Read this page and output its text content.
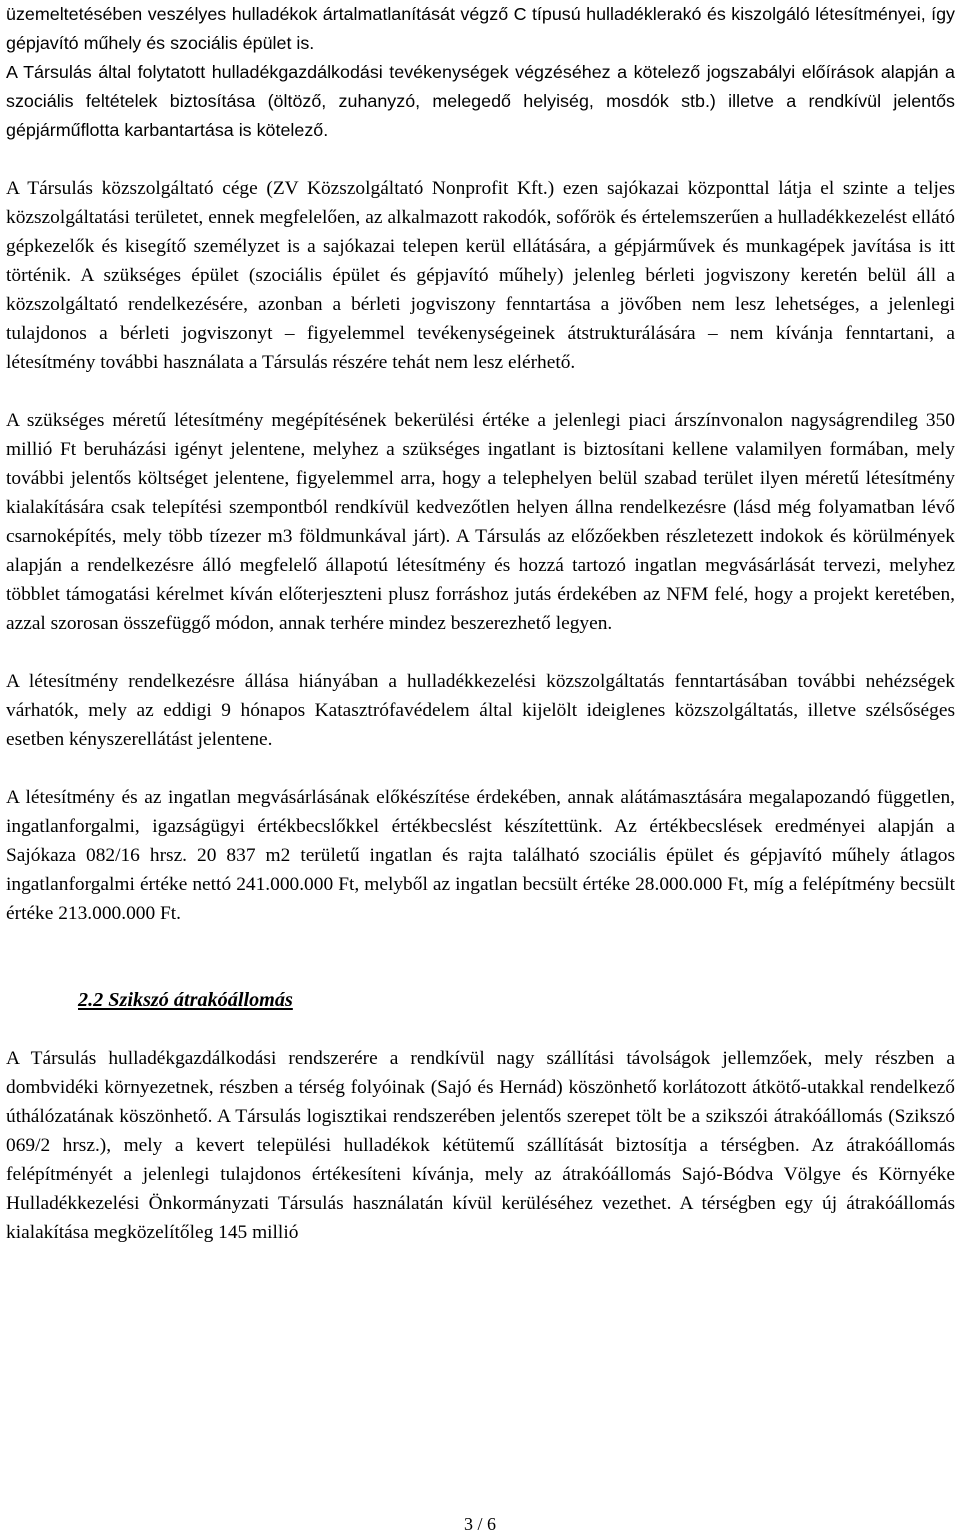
üzemeltetésében veszélyes hulladékok ártalmatlanítását végző C típusú hulladéklerakó és kiszolgáló létesítményei, így gépjavító műhely és szociális épület is.

A Társulás által folytatott hulladékgazdálkodási tevékenységek végzéséhez a kötelező jogszabályi előírások alapján a szociális feltételek biztosítása (öltöző, zuhanyzó, melegedő helyiség, mosdók stb.) illetve a rendkívül jelentős gépjárműflotta karbantartása is kötelező.

A Társulás közszolgáltató cége (ZV Közszolgáltató Nonprofit Kft.) ezen sajókazai központtal látja el szinte a teljes közszolgáltatási területet, ennek megfelelően, az alkalmazott rakodók, sofőrök és értelemszerűen a hulladékkezelést ellátó gépkezelők és kisegítő személyzet is a sajókazai telepen kerül ellátására, a gépjárművek és munkagépek javítása is itt történik. A szükséges épület (szociális épület és gépjavító műhely) jelenleg bérleti jogviszony keretén belül áll a közszolgáltató rendelkezésére, azonban a bérleti jogviszony fenntartása a jövőben nem lesz lehetséges, a jelenlegi tulajdonos a bérleti jogviszonyt – figyelemmel tevékenységeinek átstrukturálására – nem kívánja fenntartani, a létesítmény további használata a Társulás részére tehát nem lesz elérhető.

A szükséges méretű létesítmény megépítésének bekerülési értéke a jelenlegi piaci árszínvonalon nagyságrendileg 350 millió Ft beruházási igényt jelentene, melyhez a szükséges ingatlant is biztosítani kellene valamilyen formában, mely további jelentős költséget jelentene, figyelemmel arra, hogy a telephelyen belül szabad terület ilyen méretű létesítmény kialakítására csak telepítési szempontból rendkívül kedvezőtlen helyen állna rendelkezésre (lásd még folyamatban lévő csarnoképítés, mely több tízezer m3 földmunkával járt). A Társulás az előzőekben részletezett indokok és körülmények alapján a rendelkezésre álló megfelelő állapotú létesítmény és hozzá tartozó ingatlan megvásárlását tervezi, melyhez többlet támogatási kérelmet kíván előterjeszteni plusz forráshoz jutás érdekében az NFM felé, hogy a projekt keretében, azzal szorosan összefüggő módon, annak terhére mindez beszerezhető legyen.

A létesítmény rendelkezésre állása hiányában a hulladékkezelési közszolgáltatás fenntartásában további nehézségek várhatók, mely az eddigi 9 hónapos Katasztrófavédelem által kijelölt ideiglenes közszolgáltatás, illetve szélsőséges esetben kényszerellátást jelentene.

A létesítmény és az ingatlan megvásárlásának előkészítése érdekében, annak alátámasztására megalapozandó független, ingatlanforgalmi, igazságügyi értékbecslőkkel értékbecslést készítettünk. Az értékbecslések eredményei alapján a Sajókaza 082/16 hrsz. 20 837 m2 területű ingatlan és rajta található szociális épület és gépjavító műhely átlagos ingatlanforgalmi értéke nettó 241.000.000 Ft, melyből az ingatlan becsült értéke 28.000.000 Ft, míg a felépítmény becsült értéke 213.000.000 Ft.

2.2 Szikszó átrakóállomás

A Társulás hulladékgazdálkodási rendszerére a rendkívül nagy szállítási távolságok jellemzőek, mely részben a dombvidéki környezetnek, részben a térség folyóinak (Sajó és Hernád) köszönhető korlátozott átkötő-utakkal rendelkező úthálózatának köszönhető. A Társulás logisztikai rendszerében jelentős szerepet tölt be a szikszói átrakóállomás (Szikszó 069/2 hrsz.), mely a kevert települési hulladékok kétütemű szállítását biztosítja a térségben. Az átrakóállomás felépítményét a jelenlegi tulajdonos értékesíteni kívánja, mely az átrakóállomás Sajó-Bódva Völgye és Környéke Hulladékkezelési Önkormányzati Társulás használatán kívül kerüléséhez vezethet. A térségben egy új átrakóállomás kialakítása megközelítőleg 145 millió

3 / 6
